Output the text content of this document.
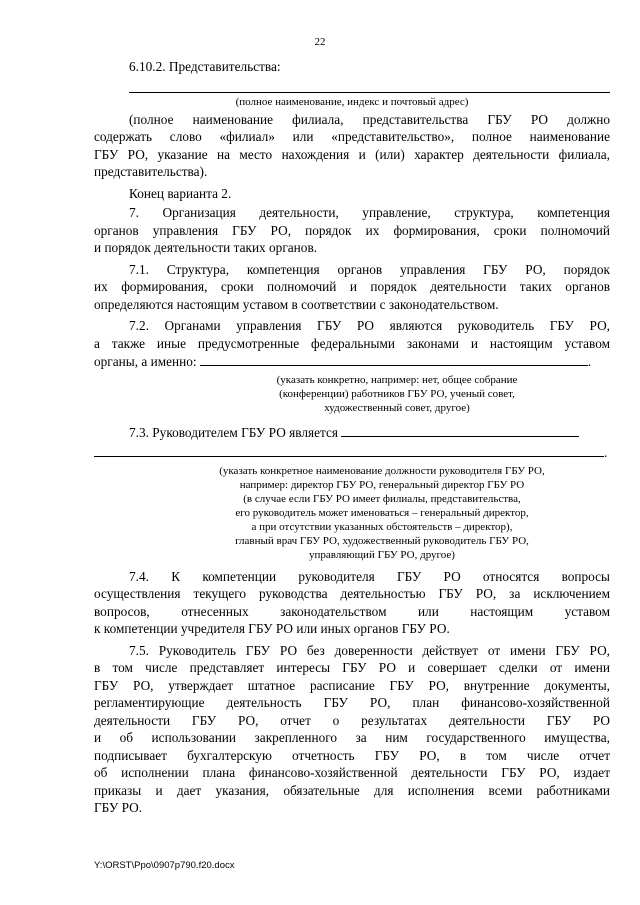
22

6.10.2. Представительства:

(полное наименование, индекс и почтовый адрес)

(полное наименование филиала, представительства ГБУ РО должно

содержать слово «филиал» или «представительство», полное наименование

ГБУ РО, указание на место нахождения и (или) характер деятельности филиала,

представительства).

Конец варианта 2.

7. Организация деятельности, управление, структура, компетенция

органов управления ГБУ РО, порядок их формирования, сроки полномочий

и порядок деятельности таких органов.

7.1. Структура, компетенция органов управления ГБУ РО, порядок

их формирования, сроки полномочий и порядок деятельности таких органов

определяются настоящим уставом в соответствии с законодательством.

7.2. Органами управления ГБУ РО являются руководитель ГБУ РО,

а также иные предусмотренные федеральными законами и настоящим уставом

органы, а именно:	.

(указать конкретно, например: нет, общее собрание

(конференции) работников ГБУ РО, ученый совет,

художественный совет, другое)

7.3. Руководителем ГБУ РО является

.

(указать конкретное наименование должности руководителя ГБУ РО,

например: директор ГБУ РО, генеральный директор ГБУ РО

(в случае если ГБУ РО имеет филиалы, представительства,

его руководитель может именоваться – генеральный директор,

а при отсутствии указанных обстоятельств – директор),

главный врач ГБУ РО, художественный руководитель ГБУ РО,

управляющий ГБУ РО, другое)

7.4. К компетенции руководителя ГБУ РО относятся вопросы

осуществления текущего руководства деятельностью ГБУ РО, за исключением

вопросов, отнесенных законодательством или настоящим уставом

к компетенции учредителя ГБУ РО или иных органов ГБУ РО.

7.5. Руководитель ГБУ РО без доверенности действует от имени ГБУ РО,

в том числе представляет интересы ГБУ РО и совершает сделки от имени

ГБУ РО, утверждает штатное расписание ГБУ РО, внутренние документы,

регламентирующие деятельность ГБУ РО, план финансово-хозяйственной

деятельности ГБУ РО, отчет о результатах деятельности ГБУ РО

и об использовании закрепленного за ним государственного имущества,

подписывает бухгалтерскую отчетность ГБУ РО, в том числе отчет

об исполнении плана финансово-хозяйственной деятельности ГБУ РО, издает

приказы и дает указания, обязательные для исполнения всеми работниками

ГБУ РО.

Y:\ORST\Ppo\0907p790.f20.docx
